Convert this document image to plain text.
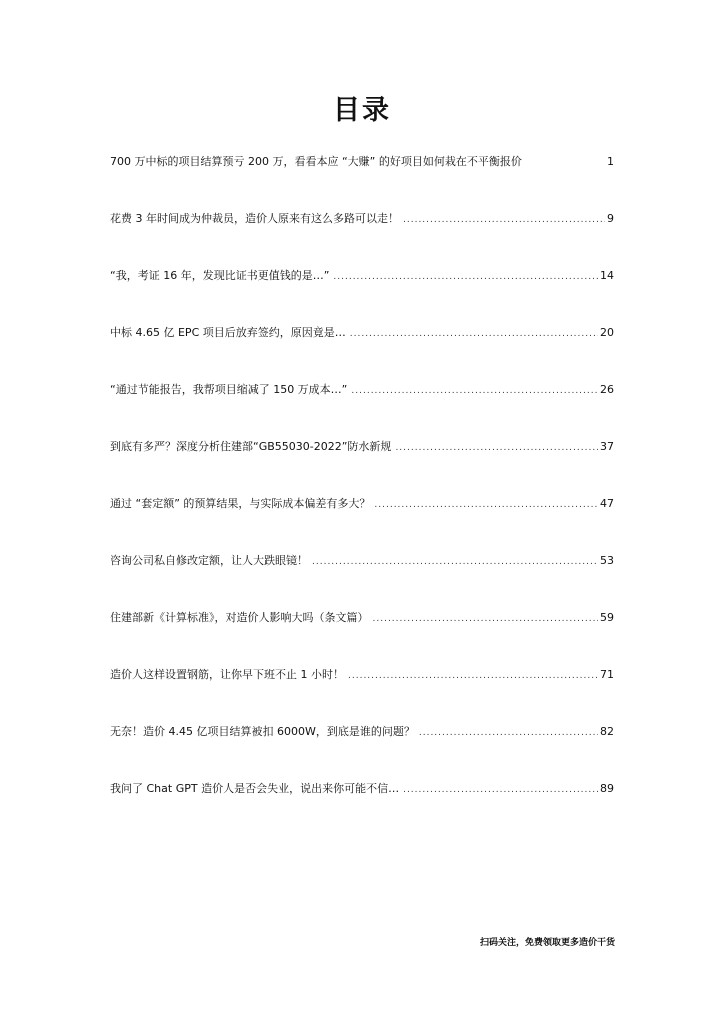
目录
700 万中标的项目结算预亏 200 万，看看本应 “大赚” 的好项目如何栽在不平衡报价	1
花费 3 年时间成为仲裁员，造价人原来有这么多路可以走！ .....	9
“我，考证 16 年，发现比证书更值钱的是…” .....	14
中标 4.65 亿 EPC 项目后放弃签约，原因竟是… .....	20
“通过节能报告，我帮项目缩减了 150 万成本…” .....	26
到底有多严？深度分析住建部“GB55030-2022”防水新规 .....	37
通过 “套定额” 的预算结果，与实际成本偏差有多大？ .....	47
咨询公司私自修改定额，让人大跌眼镜！ .....	53
住建部新《计算标准》，对造价人影响大吗（条文篇） .....	59
造价人这样设置钢筋，让你早下班不止 1 小时！ .....	71
无奈！造价 4.45 亿项目结算被扣 6000W，到底是谁的问题？ .....	82
我问了 Chat GPT 造价人是否会失业，说出来你可能不信… .....	89
扫码关注，免费领取更多造价干货
